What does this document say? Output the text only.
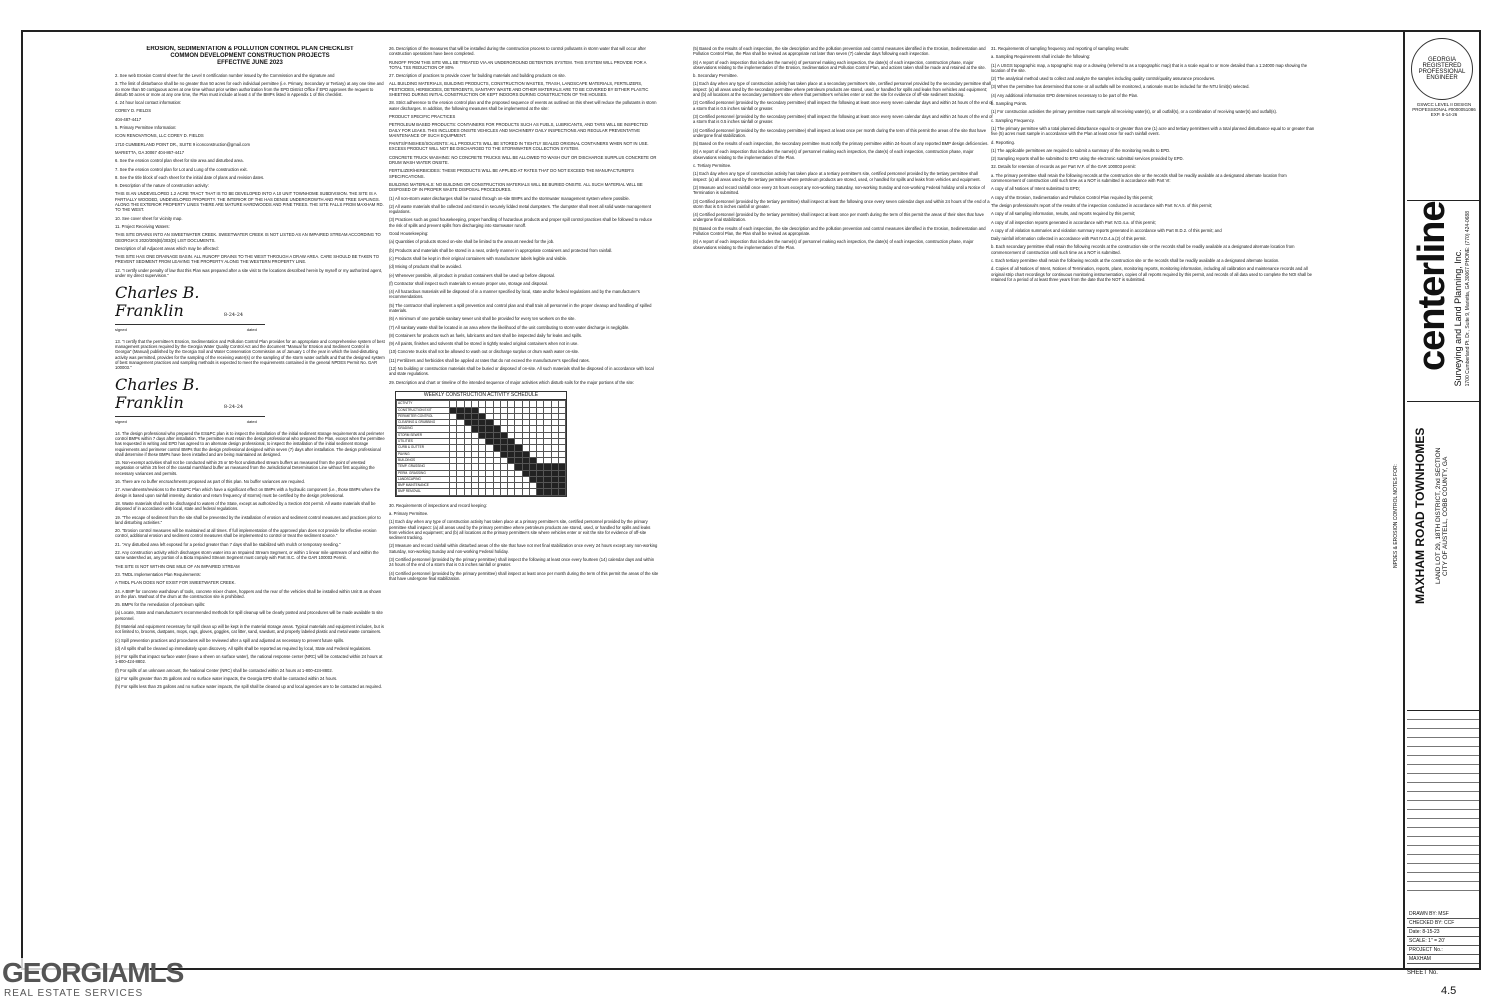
EROSION, SEDIMENTATION & POLLUTION CONTROL PLAN CHECKLIST
COMMON DEVELOPMENT CONSTRUCTION PROJECTS
EFFECTIVE JUNE 2023

2. See web Erosion Control sheet for the Level II certification number issued by the Commission and the signature and

3. The limit of disturbance shall be no greater than 50 acres for each individual permittee (i.e. Primary, Secondary or Tertiary) at any one time and no more than 50 contiguous acres at one time without prior written authorization from the EPD District Office if EPD approves the request to disturb 50 acres or more at any one time, the Plan must include at least 4 of the BMPs listed in Appendix 1 of this checklist.

4. 24 hour local contact information:

COREY D. FIELDS

404-487-4417

5. Primary Permittee Information:

ICON RENOVATIONS, LLC COREY D. FIELDS

1710 CUMBERLAND POINT DR., SUITE 9 iconconstruction@gmail.com

MARIETTA, GA 30067 404-867-4417

6. See the erosion control plan sheet for site area and disturbed area.

7. See the erosion control plan for Lot and Lung of the construction exit.

8. See the title block of each sheet for the initial date of plans and revision dates.

9. Description of the nature of construction activity:

THIS IS AN UNDEVELOPED 1.2 ACRE TRACT THAT IS TO BE DEVELOPED INTO A 10 UNIT TOWNHOME SUBDIVISION. THE SITE IS A PARTIALLY WOODED, UNDEVELOPED PROPERTY. THE INTERIOR OF THE HAS DENSE UNDERGROWTH AND PINE TREE SAPLINGS. ALONG THE EXTERIOR PROPERTY LINES THERE ARE MATURE HARDWOODS AND PINE TREES. THE SITE FALLS FROM MAXHAM RD. TO THE WEST.

10. See cover sheet for vicinity map.

11. Project Receiving Waters:

THIS SITE DRAINS INTO AN SWEETWATER CREEK. SWEETWATER CREEK IS NOT LISTED AS AN IMPAIRED STREAM ACCORDING TO GEORGIA'S 2020/305(B)/303(D) LIST DOCUMENTS.

Description of all Adjacent areas which may be affected:

THIS SITE HAS ONE DRAINAGE BASIN. ALL RUNOFF DRAINS TO THE WEST THROUGH A DRAW AREA. CARE SHOULD BE TAKEN TO PREVENT SEDIMENT FROM LEAVING THE PROPERTY ALONG THE WESTERN PROPERTY LINE.

12. "I certify under penalty of law that this Plan was prepared after a site visit to the locations described herein by myself or my authorized agent, under my direct supervision."

Charles B. Franklin	8-24-24
signed	dated

13. "I certify that the permittee's Erosion, Sedimentation and Pollution Control Plan provides for an appropriate and comprehensive system of best management practices required by the Georgia Water Quality Control Act and the document "Manual for Erosion and Sediment Control in Georgia" (Manual) published by the Georgia Soil and Water Conservation Commission as of January 1 of the year in which the land-disturbing activity was permitted, provides for the sampling of the receiving water(s) or the sampling of the storm water outfalls and that the designed system of best management practices and sampling methods is expected to meet the requirements contained in the general NPDES Permit No. GAR 100003."

Charles B. Franklin	8-24-24
signed	dated

14. The design professional who prepared the ES&PC plan is to inspect the installation of the initial sediment storage requirements and perimeter control BMPs within 7 days after installation. The permittee must retain the design professional who prepared the Plan, except when the permittee has requested in writing and EPD has agreed to an alternate design professional, to inspect the installation of the initial sediment storage requirements and perimeter control BMPs that the design professional designed within seven (7) days after installation. The design professional shall determine if these BMPs have been installed and are being maintained as designed.

15. Non-exempt activities shall not be conducted within 25 or 50-foot undisturbed stream buffers as measured from the point of wrested vegetation or within 25 feet of the coastal marshland buffer as measured from the Jurisdictional Determination Line without first acquiring the necessary variances and permits.

16. There are no buffer encroachments proposed as part of this plan. No buffer variances are required.

17. Amendments/revisions to the ES&PC Plan which have a significant effect on BMPs with a hydraulic component (i.e., those BMPs where the design is based upon rainfall intensity, duration and return frequency of storms) must be certified by the design professional.

18. Waste materials shall not be discharged to waters of the State, except as authorized by a Section 404 permit. All waste materials shall be disposed of in accordance with local, state and federal regulations.

19. "The escape of sediment from the site shall be prevented by the installation of erosion and sediment control measures and practices prior to land disturbing activities."

20. "Erosion control measures will be maintained at all times. If full implementation of the approved plan does not provide for effective erosion control, additional erosion and sediment control measures shall be implemented to control or treat the sediment source."

21. "Any disturbed area left exposed for a period greater than 7 days shall be stabilized with mulch or temporary seeding."

22. Any construction activity which discharges storm water into an Impaired Stream Segment, or within 1 linear mile upstream of and within the same watershed as, any portion of a Biota Impaired Stream Segment must comply with Part III.C. of the GAR 100003 Permit.

THE SITE IS NOT WITHIN ONE MILE OF AN IMPAIRED STREAM

23. TMDL Implementation Plan Requirements:

A TMDL PLAN DOES NOT EXIST FOR SWEETWATER CREEK.

24. A BMP for concrete washdown of tools, concrete mixer chutes, hoppers and the rear of the vehicles shall be installed within Unit B as shown on the plan. Washout of the drum at the construction site is prohibited.

25. BMPs for the remediation of petroleum spills:

(a) Locate, State and manufacturer's recommended methods for spill cleanup will be clearly posted and procedures will be made available to site personnel.

(b) Material and equipment necessary for spill clean up will be kept in the material storage areas. Typical materials and equipment includes, but is not limited to, brooms, dustpans, mops, rags, gloves, goggles, cat litter, sand, sawdust, and properly labeled plastic and metal waste containers.

(c) Spill prevention practices and procedures will be reviewed after a spill and adjusted as necessary to prevent future spills.

(d) All spills shall be cleaned up immediately upon discovery. All spills shall be reported as required by local, State and Federal regulations.

(e) For spills that impact surface water (leave a sheen on surface water), the national response center (NRC) will be contacted within 24 hours at 1-800-424-8802.

(f) For spills of an unknown amount, the National Center (NRC) shall be contacted within 24 hours at 1-800-424-8802.

(g) For spills greater than 25 gallons and no surface water impacts, the Georgia EPD shall be contacted within 24 hours.

(h) For spills less than 25 gallons and no surface water impacts, the spill shall be cleaned up and local agencies are to be contacted as required.

26. Description of the measures that will be installed during the construction process to control pollutants in storm water that will occur after construction operations have been completed.

RUNOFF FROM THIS SITE WILL BE TREATED VIA AN UNDERGROUND DETENTION SYSTEM. THIS SYSTEM WILL PROVIDE FOR A TOTAL TSS REDUCTION OF 80%

27. Description of practices to provide cover for building materials and building products on site.

ALL BUILDING MATERIALS, BUILDING PRODUCTS, CONSTRUCTION WASTES, TRASH, LANDSCAPE MATERIALS, FERTILIZERS, PESTICIDES, HERBICIDES, DETERGENTS, SANITARY WASTE AND OTHER MATERIALS ARE TO BE COVERED BY EITHER PLASTIC SHEETING DURING INITIAL CONSTRUCTION OR KEPT INDOORS DURING CONSTRUCTION OF THE HOUSES.

28. Strict adherence to the erosion control plan and the proposed sequence of events as outlined on this sheet will reduce the pollutants in storm water discharges. In addition, the following measures shall be implemented at the site:

PRODUCT SPECIFIC PRACTICES

PETROLEUM BASED PRODUCTS: CONTAINERS FOR PRODUCTS SUCH AS FUELS, LUBRICANTS, AND TARS WILL BE INSPECTED DAILY FOR LEAKS. THIS INCLUDES ONSITE VEHICLES AND MACHINERY DAILY INSPECTIONS AND REGULAR PREVENTATIVE MAINTENANCE OF SUCH EQUIPMENT.

PAINTS/FINISHES/SOLVENTS: ALL PRODUCTS WILL BE STORED IN TIGHTLY SEALED ORIGINAL CONTAINERS WHEN NOT IN USE. EXCESS PRODUCT WILL NOT BE DISCHARGED TO THE STORMWATER COLLECTION SYSTEM.

CONCRETE TRUCK WASHING: NO CONCRETE TRUCKS WILL BE ALLOWED TO WASH OUT OR DISCHARGE SURPLUS CONCRETE OR DRUM WASH WATER ONSITE.

FERTILIZER/HERBICIDES: THESE PRODUCTS WILL BE APPLIED AT RATES THAT DO NOT EXCEED THE MANUFACTURER'S SPECIFICATIONS.

BUILDING MATERIALS: NO BUILDING OR CONSTRUCTION MATERIALS WILL BE BURIED ONSITE. ALL SUCH MATERIAL WILL BE DISPOSED OF IN PROPER WASTE DISPOSAL PROCEDURES.

(1) All non-storm water discharges shall be routed through on-site BMPs and the stormwater management system where possible.

(2) All waste materials shall be collected and stored in securely lidded metal dumpsters. The dumpster shall meet all solid waste management regulations.

(3) Practices such as good housekeeping, proper handling of hazardous products and proper spill control practices shall be followed to reduce the risk of spills and prevent spills from discharging into stormwater runoff.

Good Housekeeping:

(a) Quantities of products stored on-site shall be limited to the amount needed for the job.

(b) Products and materials shall be stored in a neat, orderly manner in appropriate containers and protected from rainfall.

(c) Products shall be kept in their original containers with manufacturer labels legible and visible.

(d) Mixing of products shall be avoided.

(e) Whenever possible, all product in product containers shall be used up before disposal.

(f) Contractor shall inspect such materials to ensure proper use, storage and disposal.

(4) All hazardous materials will be disposed of in a manner specified by local, state and/or federal regulations and by the manufacturer's recommendations.

(5) The contractor shall implement a spill prevention and control plan and shall train all personnel in the proper cleanup and handling of spilled materials.

(6) A minimum of one portable sanitary sewer unit shall be provided for every ten workers on the site.

(7) All sanitary waste shall be located in an area where the likelihood of the unit contributing to storm water discharge is negligible.

(8) Containers for products such as fuels, lubricants and tars shall be inspected daily for leaks and spills.

(9) All paints, finishes and solvents shall be stored in tightly sealed original containers when not in use.

(10) Concrete trucks shall not be allowed to wash out or discharge surplus or drum wash water on-site.

(11) Fertilizers and herbicides shall be applied at rates that do not exceed the manufacturer's specified rates.

(12) No building or construction materials shall be buried or disposed of on-site. All such materials shall be disposed of in accordance with local and state regulations.

29. Description and chart or timeline of the intended sequence of major activities which disturb soils for the major portions of the site:

WEEKLY CONSTRUCTION ACTIVITY SCHEDULE
ACTIVITY																
CONSTRUCTION EXIT																
PERIMETER CONTROL																
CLEARING & GRUBBING																
GRADING																
STORM SEWER																
UTILITIES																
CURB & GUTTER																
PAVING																
BUILDINGS																
TEMP. GRASSING																
PERM. GRASSING																
LANDSCAPING																
BMP MAINTENANCE																
BMP REMOVAL																

30. Requirements of inspections and record keeping:

a. Primary Permittee.

(1) Each day when any type of construction activity has taken place at a primary permittee's site, certified personnel provided by the primary permittee shall inspect: (a) all areas used by the primary permittee where petroleum products are stored, used, or handled for spills and leaks from vehicles and equipment; and (b) all locations at the primary permittee's site where vehicles enter or exit the site for evidence of off-site sediment tracking.

(2) Measure and record rainfall within disturbed areas of the site that have not met final stabilization once every 24 hours except any non-working Saturday, non-working Sunday and non-working Federal holiday.

(3) Certified personnel (provided by the primary permittee) shall inspect the following at least once every fourteen (14) calendar days and within 24 hours of the end of a storm that is 0.5 inches rainfall or greater.

(4) Certified personnel (provided by the primary permittee) shall inspect at least once per month during the term of this permit the areas of the site that have undergone final stabilization.

(5) Based on the results of each inspection, the site description and the pollution prevention and control measures identified in the Erosion, Sedimentation and Pollution Control Plan, the Plan shall be revised as appropriate not later than seven (7) calendar days following each inspection.

(6) A report of each inspection that includes the name(s) of personnel making each inspection, the date(s) of each inspection, construction phase, major observations relating to the implementation of the Erosion, Sedimentation and Pollution Control Plan, and actions taken shall be made and retained at the site.

b. Secondary Permittee.

(1) Each day when any type of construction activity has taken place at a secondary permittee's site, certified personnel provided by the secondary permittee shall inspect: (a) all areas used by the secondary permittee where petroleum products are stored, used, or handled for spills and leaks from vehicles and equipment; and (b) all locations at the secondary permittee's site where that permittee's vehicles enter or exit the site for evidence of off-site sediment tracking.

(2) Certified personnel (provided by the secondary permittee) shall inspect the following at least once every seven calendar days and within 24 hours of the end of a storm that is 0.5 inches rainfall or greater.

(3) Certified personnel (provided by the secondary permittee) shall inspect the following at least once every seven calendar days and within 24 hours of the end of a storm that is 0.5 inches rainfall or greater.

(4) Certified personnel (provided by the secondary permittee) shall inspect at least once per month during the term of this permit the areas of the site that have undergone final stabilization.

(5) Based on the results of each inspection, the secondary permittee must notify the primary permittee within 24-hours of any reported BMP design deficiencies.

(6) A report of each inspection that includes the name(s) of personnel making each inspection, the date(s) of each inspection, construction phase, major observations relating to the implementation of the Plan.

c. Tertiary Permittee.

(1) Each day when any type of construction activity has taken place at a tertiary permittee's site, certified personnel provided by the tertiary permittee shall inspect: (a) all areas used by the tertiary permittee where petroleum products are stored, used, or handled for spills and leaks from vehicles and equipment.

(2) Measure and record rainfall once every 24 hours except any non-working Saturday, non-working Sunday and non-working Federal holiday until a Notice of Termination is submitted.

(3) Certified personnel (provided by the tertiary permittee) shall inspect at least the following once every seven calendar days and within 24 hours of the end of a storm that is 0.5 inches rainfall or greater.

(4) Certified personnel (provided by the tertiary permittee) shall inspect at least once per month during the term of this permit the areas of their sites that have undergone final stabilization.

(5) Based on the results of each inspection, the site description and the pollution prevention and control measures identified in the Erosion, Sedimentation and Pollution Control Plan, the Plan shall be revised as appropriate.

(6) A report of each inspection that includes the name(s) of personnel making each inspection, the date(s) of each inspection, construction phase, major observations relating to the implementation of the Plan.

31. Requirements of sampling frequency and reporting of sampling results:

a. Sampling Requirements shall include the following:

(1) A USGS topographic map, a topographic map or a drawing (referred to as a topographic map) that is a scale equal to or more detailed than a 1:24000 map showing the location of the site.

(2) The analytical method used to collect and analyze the samples including quality control/quality assurance procedures.

(3) When the permittee has determined that some or all outfalls will be monitored, a rationale must be included for the NTU limit(s) selected.

(4) Any additional information EPD determines necessary to be part of the Plan.

b. Sampling Points.

(1) For construction activities the primary permittee must sample all receiving water(s), or all outfall(s), or a combination of receiving water(s) and outfall(s).

c. Sampling Frequency.

(1) The primary permittee with a total planned disturbance equal to or greater than one (1) acre and tertiary permittees with a total planned disturbance equal to or greater than five (5) acres must sample in accordance with the Plan at least once for each rainfall event.

d. Reporting.

(1) The applicable permittees are required to submit a summary of the monitoring results to EPD.

(2) Sampling reports shall be submitted to EPD using the electronic submittal services provided by EPD.

32. Details for retention of records as per Part IV.F. of the GAR 100003 permit:

a. The primary permittee shall retain the following records at the construction site or the records shall be readily available at a designated alternate location from commencement of construction until such time as a NOT is submitted in accordance with Part VI:

A copy of all Notices of Intent submitted to EPD;

A copy of the Erosion, Sedimentation and Pollution Control Plan required by this permit;

The design professional's report of the results of the inspection conducted in accordance with Part IV.A.5. of this permit;

A copy of all sampling information, results, and reports required by this permit;

A copy of all inspection reports generated in accordance with Part IV.D.4.a. of this permit;

A copy of all violation summaries and violation summary reports generated in accordance with Part III.D.2. of this permit; and

Daily rainfall information collected in accordance with Part IV.D.4.a.(2) of this permit.

b. Each secondary permittee shall retain the following records at the construction site or the records shall be readily available at a designated alternate location from commencement of construction until such time as a NOT is submitted.

c. Each tertiary permittee shall retain the following records at the construction site or the records shall be readily available at a designated alternate location.

d. Copies of all Notices of Intent, Notices of Termination, reports, plans, monitoring reports, monitoring information, including all calibration and maintenance records and all original strip chart recordings for continuous monitoring instrumentation, copies of all reports required by this permit, and records of all data used to complete the NOI shall be retained for a period of at least three years from the date that the NOT is submitted.

GEORGIA REGISTERED PROFESSIONAL ENGINEER
GSWCC LEVEL II DESIGN PROFESSIONAL #0000051086 EXP. 8-14-26
centerline Surveying and Land Planning, Inc. 1700 Cumberland Pt. Dr., Suite 9, Marietta, GA 30067 PHONE: (770) 424-0688
NPDES & EROSION CONTROL NOTES FOR: MAXHAM ROAD TOWNHOMES LAND LOT 29, 18TH DISTRICT, 2nd SECTION
CITY OF AUSTELL, COBB COUNTY, GA
DRAWN BY: MSF
CHECKED BY: CCF
Date: 8-15-23
SCALE: 1" = 20'
PROJECT No.:
MAXHAM
SHEET No.
4.5
GEORGIAMLS
REAL ESTATE SERVICES
